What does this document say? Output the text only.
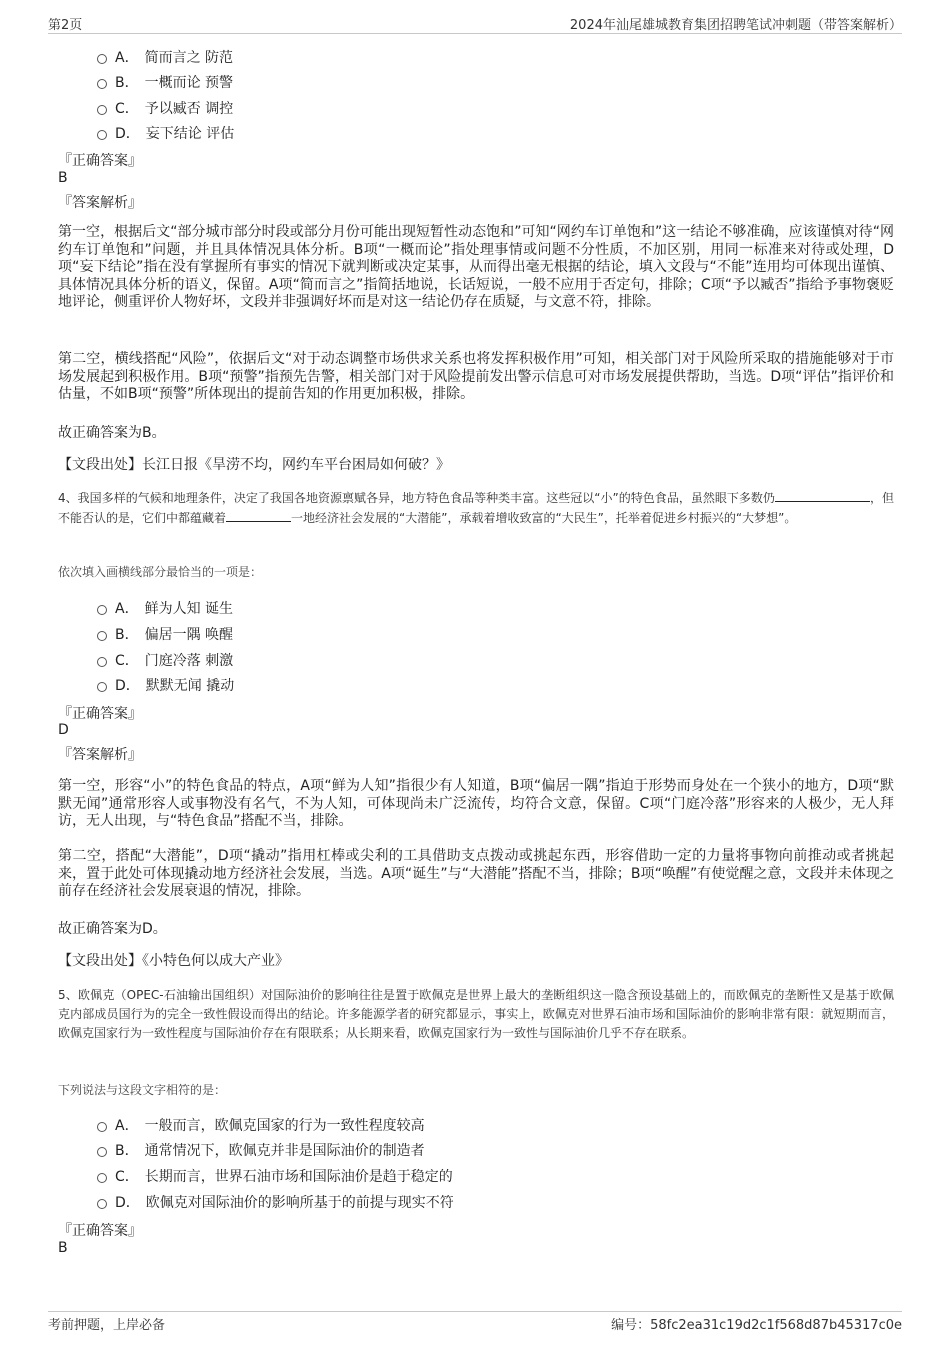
第2页	2024年汕尾雄城教育集团招聘笔试冲刺题（带答案解析）
A． 简而言之 防范
B． 一概而论 预警
C． 予以臧否 调控
D． 妄下结论 评估
『正确答案』
B
『答案解析』

第一空，根据后文“部分城市部分时段或部分月份可能出现短暂性动态饱和”可知“网约车订单饱和”这一结论不够准确，应该谨慎对待“网约车订单饱和”问题，并且具体情况具体分析。B项“一概而论”指处理事情或问题不分性质，不加区别，用同一标准来对待或处理，D项“妄下结论”指在没有掌握所有事实的情况下就判断或决定某事，从而得出毫无根据的结论，填入文段与“不能”连用均可体现出谨慎、具体情况具体分析的语义，保留。A项“简而言之”指简括地说，长话短说，一般不应用于否定句，排除；C项“予以臧否”指给予事物褒贬地评论，侧重评价人物好坏，文段并非强调好坏而是对这一结论仍存在质疑，与文意不符，排除。

第二空，横线搭配“风险”，依据后文“对于动态调整市场供求关系也将发挥积极作用”可知，相关部门对于风险所采取的措施能够对于市场发展起到积极作用。B项“预警”指预先告警，相关部门对于风险提前发出警示信息可对市场发展提供帮助，当选。D项“评估”指评价和估量，不如B项“预警”所体现出的提前告知的作用更加积极，排除。

故正确答案为B。
【文段出处】长江日报《旱涝不均，网约车平台困局如何破？》

4、我国多样的气候和地理条件，决定了我国各地资源禀赋各异，地方特色食品等种类丰富。这些冠以“小”的特色食品，虽然眼下多数仍	，但不能否认的是，它们中都蕴藏着	一地经济社会发展的“大潜能”，承载着增收致富的“大民生”，托举着促进乡村振兴的“大梦想”。

依次填入画横线部分最恰当的一项是：
A． 鲜为人知 诞生
B． 偏居一隅 唤醒
C． 门庭冷落 刺激
D． 默默无闻 撬动
『正确答案』
D
『答案解析』

第一空，形容“小”的特色食品的特点，A项“鲜为人知”指很少有人知道，B项“偏居一隅”指迫于形势而身处在一个狭小的地方，D项“默默无闻”通常形容人或事物没有名气，不为人知，可体现尚未广泛流传，均符合文意，保留。C项“门庭冷落”形容来的人极少，无人拜访，无人出现，与“特色食品”搭配不当，排除。

第二空，搭配“大潜能”，D项“撬动”指用杠棒或尖利的工具借助支点拨动或挑起东西，形容借助一定的力量将事物向前推动或者挑起来，置于此处可体现撬动地方经济社会发展，当选。A项“诞生”与“大潜能”搭配不当，排除；B项“唤醒”有使觉醒之意，文段并未体现之前存在经济社会发展衰退的情况，排除。

故正确答案为D。
【文段出处】《小特色何以成大产业》

5、欧佩克（OPEC-石油输出国组织）对国际油价的影响往往是置于欧佩克是世界上最大的垄断组织这一隐含预设基础上的，而欧佩克的垄断性又是基于欧佩克内部成员国行为的完全一致性假设而得出的结论。许多能源学者的研究都显示，事实上，欧佩克对世界石油市场和国际油价的影响非常有限：就短期而言，欧佩克国家行为一致性程度与国际油价存在有限联系；从长期来看，欧佩克国家行为一致性与国际油价几乎不存在联系。

下列说法与这段文字相符的是：
A． 一般而言，欧佩克国家的行为一致性程度较高
B． 通常情况下，欧佩克并非是国际油价的制造者
C． 长期而言，世界石油市场和国际油价是趋于稳定的
D． 欧佩克对国际油价的影响所基于的前提与现实不符
『正确答案』
B
考前押题，上岸必备	编号：58fc2ea31c19d2c1f568d87b45317c0e
